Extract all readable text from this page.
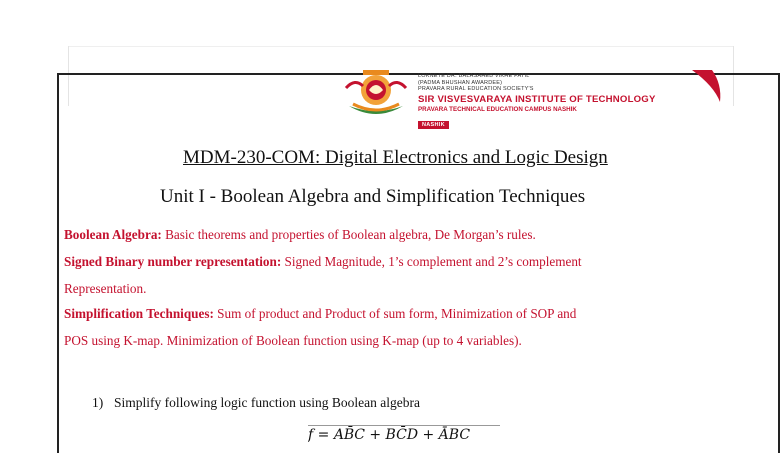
LOKNETE DR. BALASAHEB VIKHE PATIL
(PADMA BHUSHAN AWARDEE)
PRAVARA RURAL EDUCATION SOCIETY'S
SIR VISVESVARAYA INSTITUTE OF TECHNOLOGY
PRAVARA TECHNICAL EDUCATION CAMPUS NASHIK
NASHIK
MDM-230-COM: Digital Electronics and Logic Design
Unit I - Boolean Algebra and Simplification Techniques
Boolean Algebra: Basic theorems and properties of Boolean algebra, De Morgan’s rules.
Signed Binary number representation: Signed Magnitude, 1’s complement and 2’s complement
Representation.
Simplification Techniques: Sum of product and Product of sum form, Minimization of SOP and
POS using K-map. Minimization of Boolean function using K-map (up to 4 variables).
1) Simplify following logic function using Boolean algebra
f = AB̄C + BC̄D + ĀBC
